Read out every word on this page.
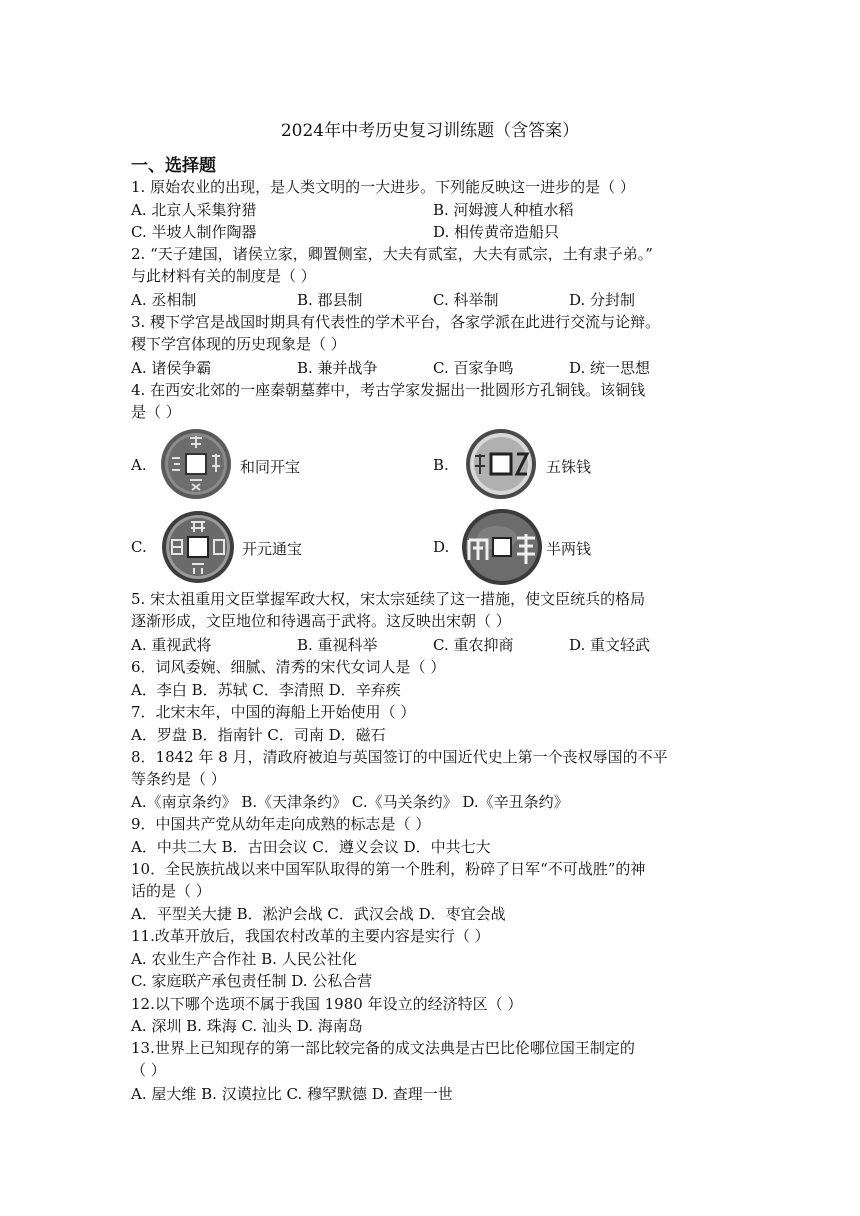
2024年中考历史复习训练题（含答案）
一、选择题
1. 原始农业的出现，是人类文明的一大进步。下列能反映这一进步的是（ ）
A. 北京人采集狩猎	B. 河姆渡人种植水稻
C. 半坡人制作陶器	D. 相传黄帝造船只
2. “天子建国，诸侯立家，卿置侧室，大夫有贰室，大夫有贰宗，土有隶子弟。”
与此材料有关的制度是（ ）
A. 丞相制	B. 郡县制	C. 科举制	D. 分封制
3. 稷下学宫是战国时期具有代表性的学术平台，各家学派在此进行交流与论辩。
稷下学宫体现的历史现象是（ ）
A. 诸侯争霸	B. 兼并战争	C. 百家争鸣	D. 统一思想
4. 在西安北郊的一座秦朝墓葬中，考古学家发掘出一批圆形方孔铜钱。该铜钱
是（ ）
A.	和同开宝	B.	五铢钱
C.	开元通宝	D.	半两钱
5. 宋太祖重用文臣掌握军政大权，宋太宗延续了这一措施，使文臣统兵的格局
逐渐形成，文臣地位和待遇高于武将。这反映出宋朝（ ）
A. 重视武将	B. 重视科举	C. 重农抑商	D. 重文轻武
6．词风委婉、细腻、清秀的宋代女词人是（ ）
A．李白 B．苏轼 C．李清照 D．辛弃疾
7．北宋末年，中国的海船上开始使用（ ）
A．罗盘 B．指南针 C．司南 D．磁石
8．1842 年 8 月，清政府被迫与英国签订的中国近代史上第一个丧权辱国的不平
等条约是（ ）
A.《南京条约》 B.《天津条约》 C.《马关条约》 D.《辛丑条约》
9．中国共产党从幼年走向成熟的标志是（ ）
A．中共二大 B．古田会议 C．遵义会议 D．中共七大
10．全民族抗战以来中国军队取得的第一个胜利，粉碎了日军“不可战胜”的神
话的是（ ）
A．平型关大捷 B．淞沪会战 C．武汉会战 D．枣宜会战
11.改革开放后，我国农村改革的主要内容是实行（ ）
A. 农业生产合作社 B. 人民公社化
C. 家庭联产承包责任制 D. 公私合营
12.以下哪个选项不属于我国 1980 年设立的经济特区（ ）
A. 深圳 B. 珠海 C. 汕头 D. 海南岛
13.世界上已知现存的第一部比较完备的成文法典是古巴比伦哪位国王制定的
（ ）
A. 屋大维 B. 汉谟拉比 C. 穆罕默德 D. 查理一世
